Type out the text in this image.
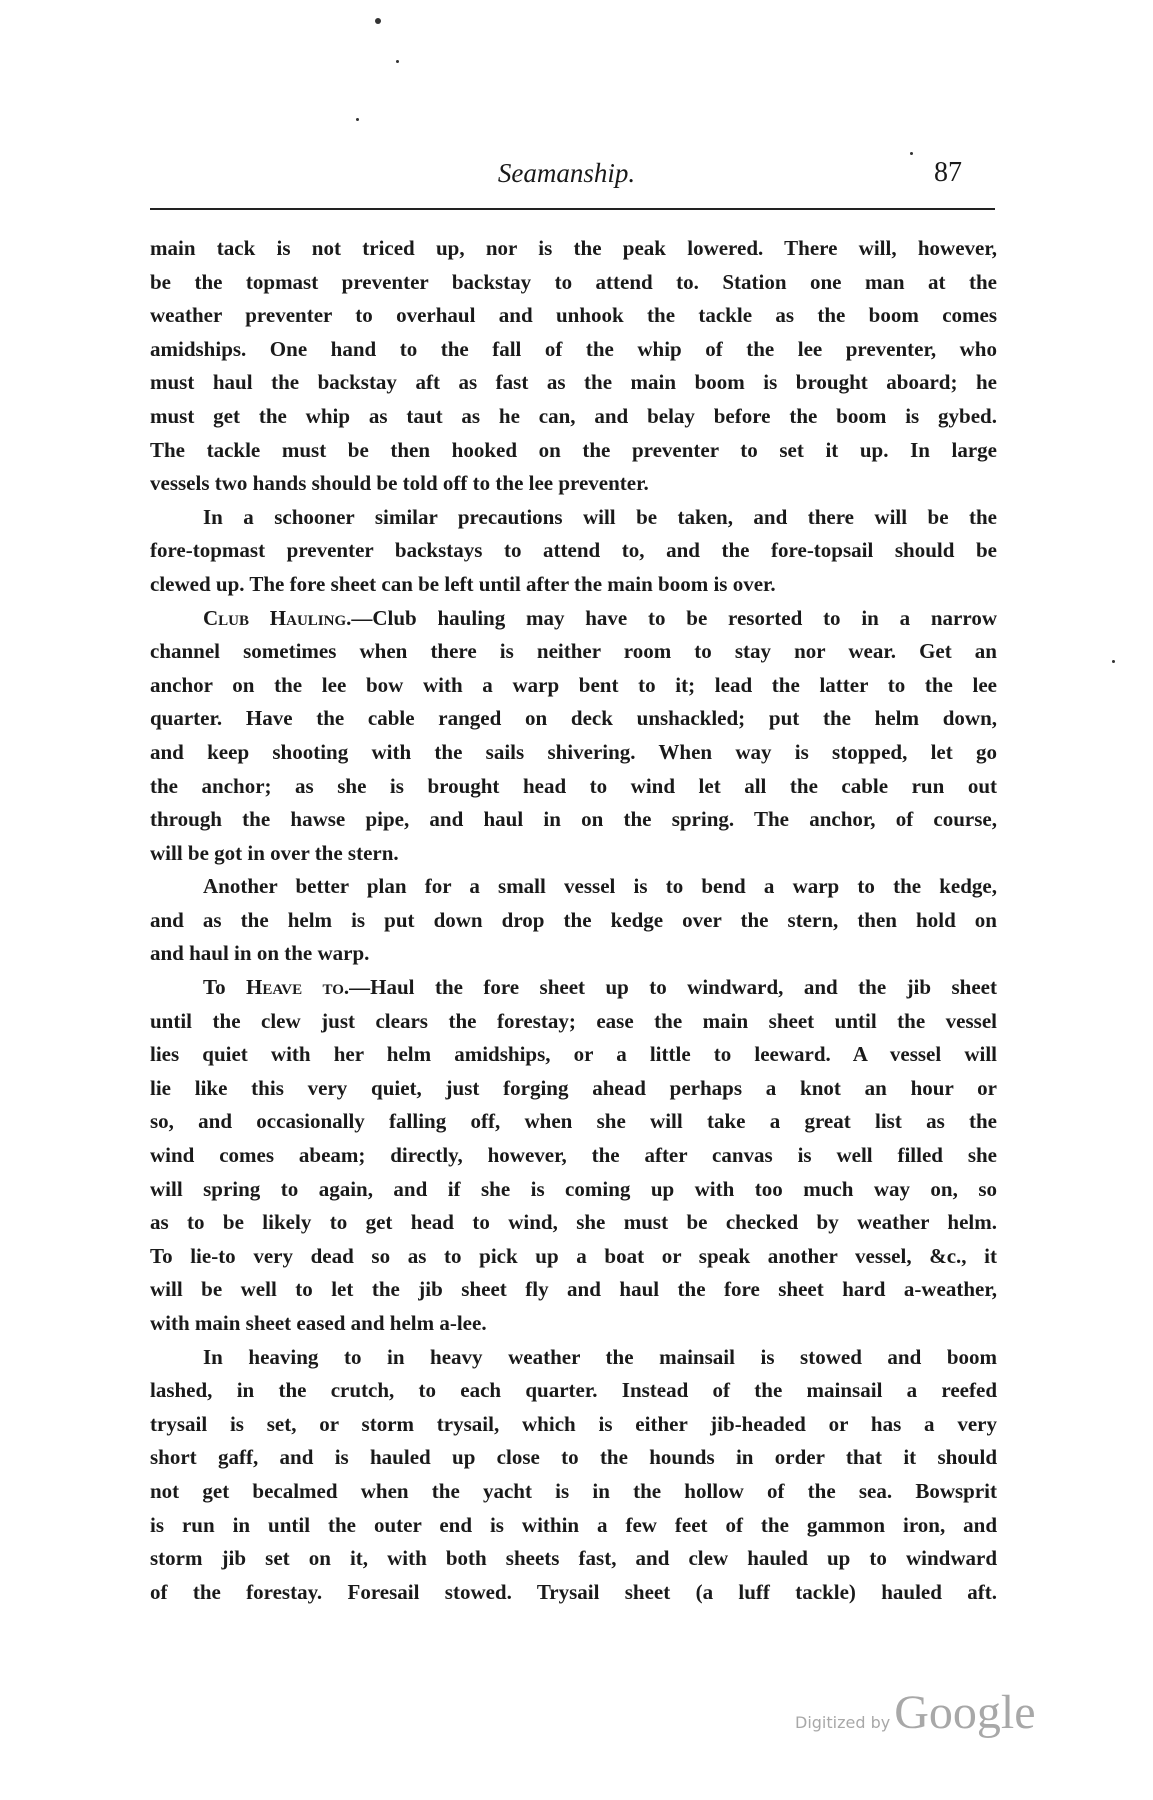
Seamanship.	87
main tack is not triced up, nor is the peak lowered. There will, however,
be the topmast preventer backstay to attend to. Station one man at the
weather preventer to overhaul and unhook the tackle as the boom comes
amidships. One hand to the fall of the whip of the lee preventer, who
must haul the backstay aft as fast as the main boom is brought aboard; he
must get the whip as taut as he can, and belay before the boom is gybed.
The tackle must be then hooked on the preventer to set it up. In large
vessels two hands should be told off to the lee preventer.
In a schooner similar precautions will be taken, and there will be the
fore-topmast preventer backstays to attend to, and the fore-topsail should be
clewed up. The fore sheet can be left until after the main boom is over.
Club Hauling.—Club hauling may have to be resorted to in a narrow
channel sometimes when there is neither room to stay nor wear. Get an
anchor on the lee bow with a warp bent to it; lead the latter to the lee
quarter. Have the cable ranged on deck unshackled; put the helm down,
and keep shooting with the sails shivering. When way is stopped, let go
the anchor; as she is brought head to wind let all the cable run out
through the hawse pipe, and haul in on the spring. The anchor, of course,
will be got in over the stern.
Another better plan for a small vessel is to bend a warp to the kedge,
and as the helm is put down drop the kedge over the stern, then hold on
and haul in on the warp.
To Heave to.—Haul the fore sheet up to windward, and the jib sheet
until the clew just clears the forestay; ease the main sheet until the vessel
lies quiet with her helm amidships, or a little to leeward. A vessel will
lie like this very quiet, just forging ahead perhaps a knot an hour or
so, and occasionally falling off, when she will take a great list as the
wind comes abeam; directly, however, the after canvas is well filled she
will spring to again, and if she is coming up with too much way on, so
as to be likely to get head to wind, she must be checked by weather helm.
To lie-to very dead so as to pick up a boat or speak another vessel, &c., it
will be well to let the jib sheet fly and haul the fore sheet hard a-weather,
with main sheet eased and helm a-lee.
In heaving to in heavy weather the mainsail is stowed and boom
lashed, in the crutch, to each quarter. Instead of the mainsail a reefed
trysail is set, or storm trysail, which is either jib-headed or has a very
short gaff, and is hauled up close to the hounds in order that it should
not get becalmed when the yacht is in the hollow of the sea. Bowsprit
is run in until the outer end is within a few feet of the gammon iron, and
storm jib set on it, with both sheets fast, and clew hauled up to windward
of the forestay. Foresail stowed. Trysail sheet (a luff tackle) hauled aft.
Digitized by Google
